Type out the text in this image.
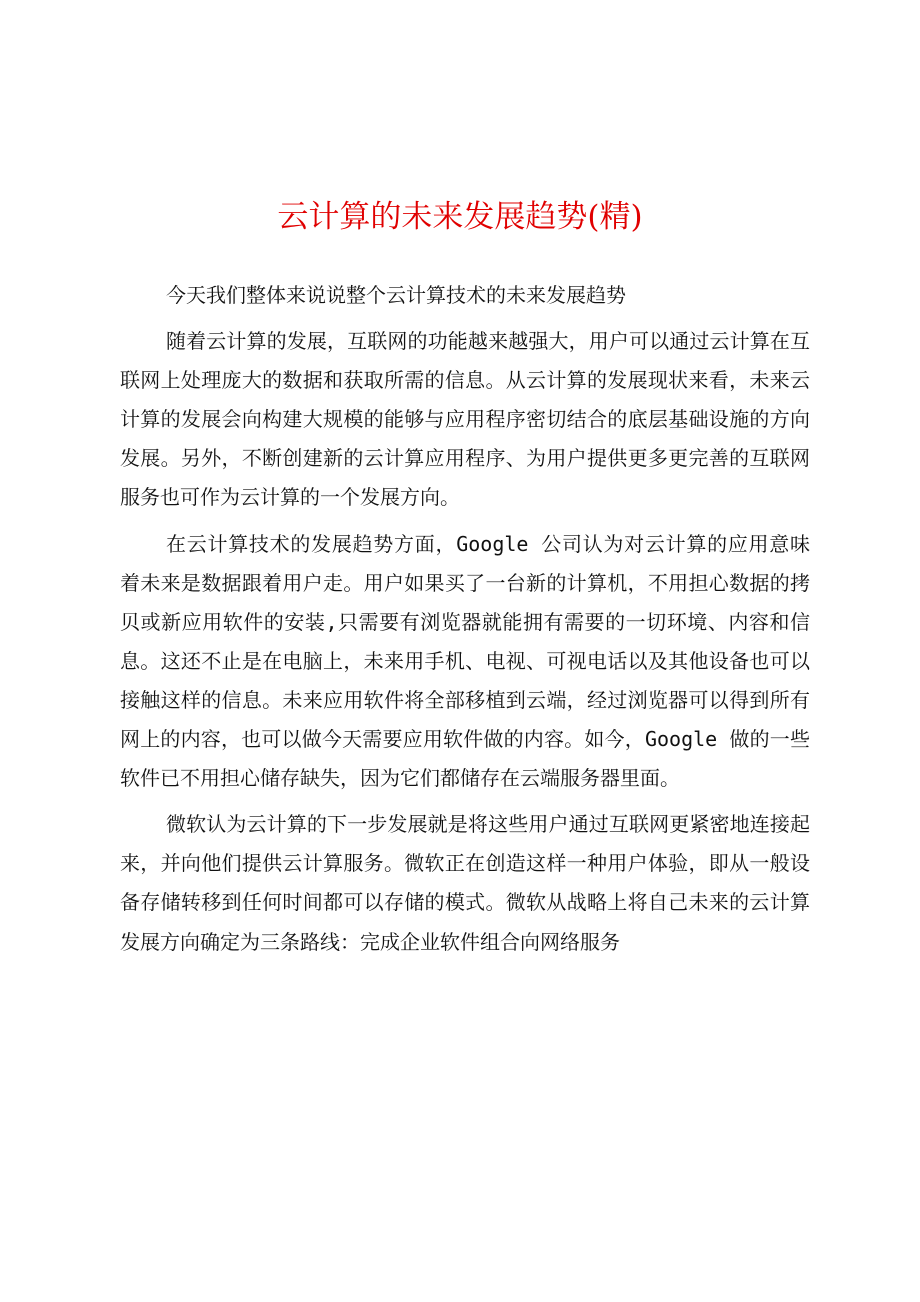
云计算的未来发展趋势(精)

今天我们整体来说说整个云计算技术的未来发展趋势

随着云计算的发展，互联网的功能越来越强大，用户可以通过云计算在互联网上处理庞大的数据和获取所需的信息。从云计算的发展现状来看，未来云计算的发展会向构建大规模的能够与应用程序密切结合的底层基础设施的方向发展。另外，不断创建新的云计算应用程序、为用户提供更多更完善的互联网服务也可作为云计算的一个发展方向。

在云计算技术的发展趋势方面，Google 公司认为对云计算的应用意味着未来是数据跟着用户走。用户如果买了一台新的计算机，不用担心数据的拷贝或新应用软件的安装,只需要有浏览器就能拥有需要的一切环境、内容和信息。这还不止是在电脑上，未来用手机、电视、可视电话以及其他设备也可以接触这样的信息。未来应用软件将全部移植到云端，经过浏览器可以得到所有网上的内容，也可以做今天需要应用软件做的内容。如今，Google 做的一些软件已不用担心储存缺失，因为它们都储存在云端服务器里面。

微软认为云计算的下一步发展就是将这些用户通过互联网更紧密地连接起来，并向他们提供云计算服务。微软正在创造这样一种用户体验，即从一般设备存储转移到任何时间都可以存储的模式。微软从战略上将自己未来的云计算发展方向确定为三条路线：完成企业软件组合向网络服务
